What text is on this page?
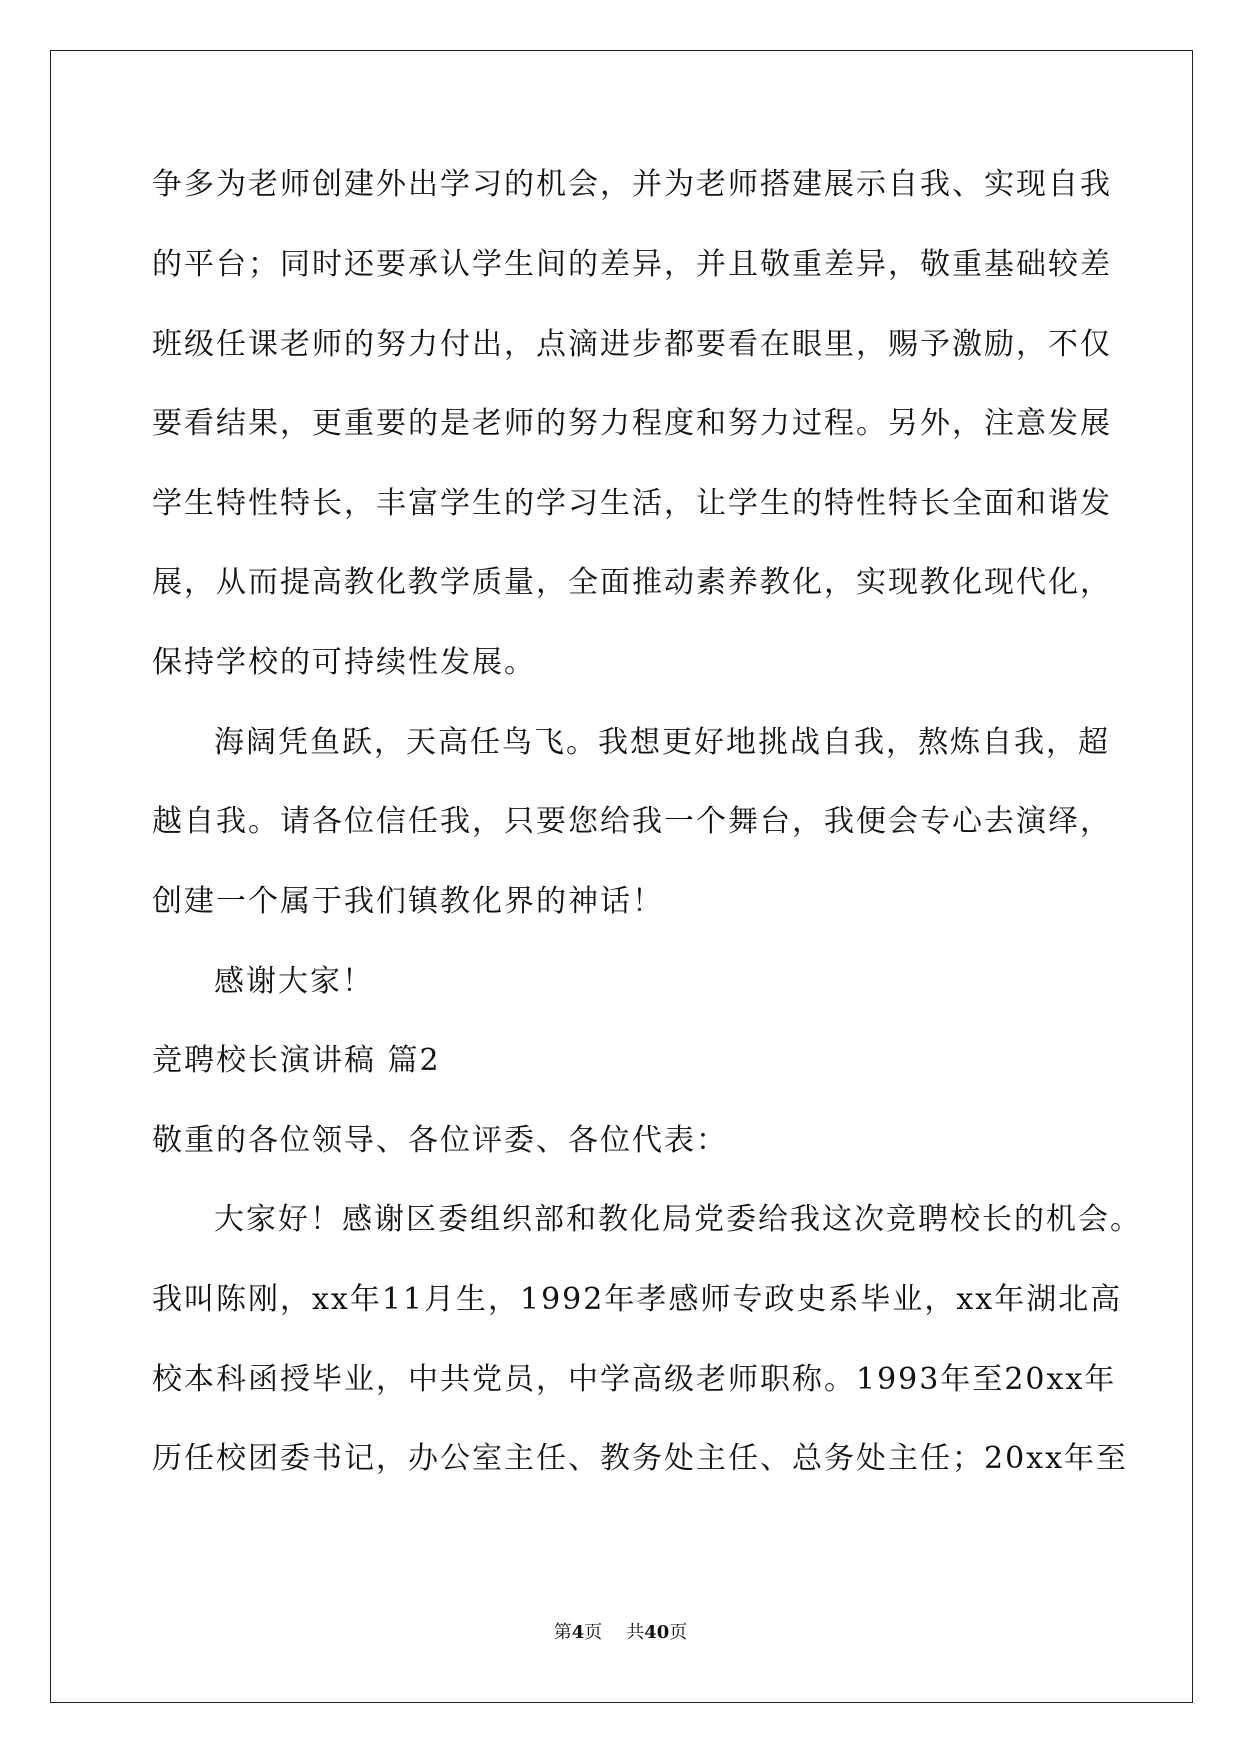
争多为老师创建外出学习的机会，并为老师搭建展示自我、实现自我
的平台；同时还要承认学生间的差异，并且敬重差异，敬重基础较差
班级任课老师的努力付出，点滴进步都要看在眼里，赐予激励，不仅
要看结果，更重要的是老师的努力程度和努力过程。另外，注意发展
学生特性特长，丰富学生的学习生活，让学生的特性特长全面和谐发
展，从而提高教化教学质量，全面推动素养教化，实现教化现代化，
保持学校的可持续性发展。
海阔凭鱼跃，天高任鸟飞。我想更好地挑战自我，熬炼自我，超
越自我。请各位信任我，只要您给我一个舞台，我便会专心去演绎，
创建一个属于我们镇教化界的神话！
感谢大家！
竞聘校长演讲稿 篇2
敬重的各位领导、各位评委、各位代表：
大家好！感谢区委组织部和教化局党委给我这次竞聘校长的机会。
我叫陈刚，xx年11月生，1992年孝感师专政史系毕业，xx年湖北高
校本科函授毕业，中共党员，中学高级老师职称。1993年至20xx年
历任校团委书记，办公室主任、教务处主任、总务处主任；20xx年至
第4页 共40页
